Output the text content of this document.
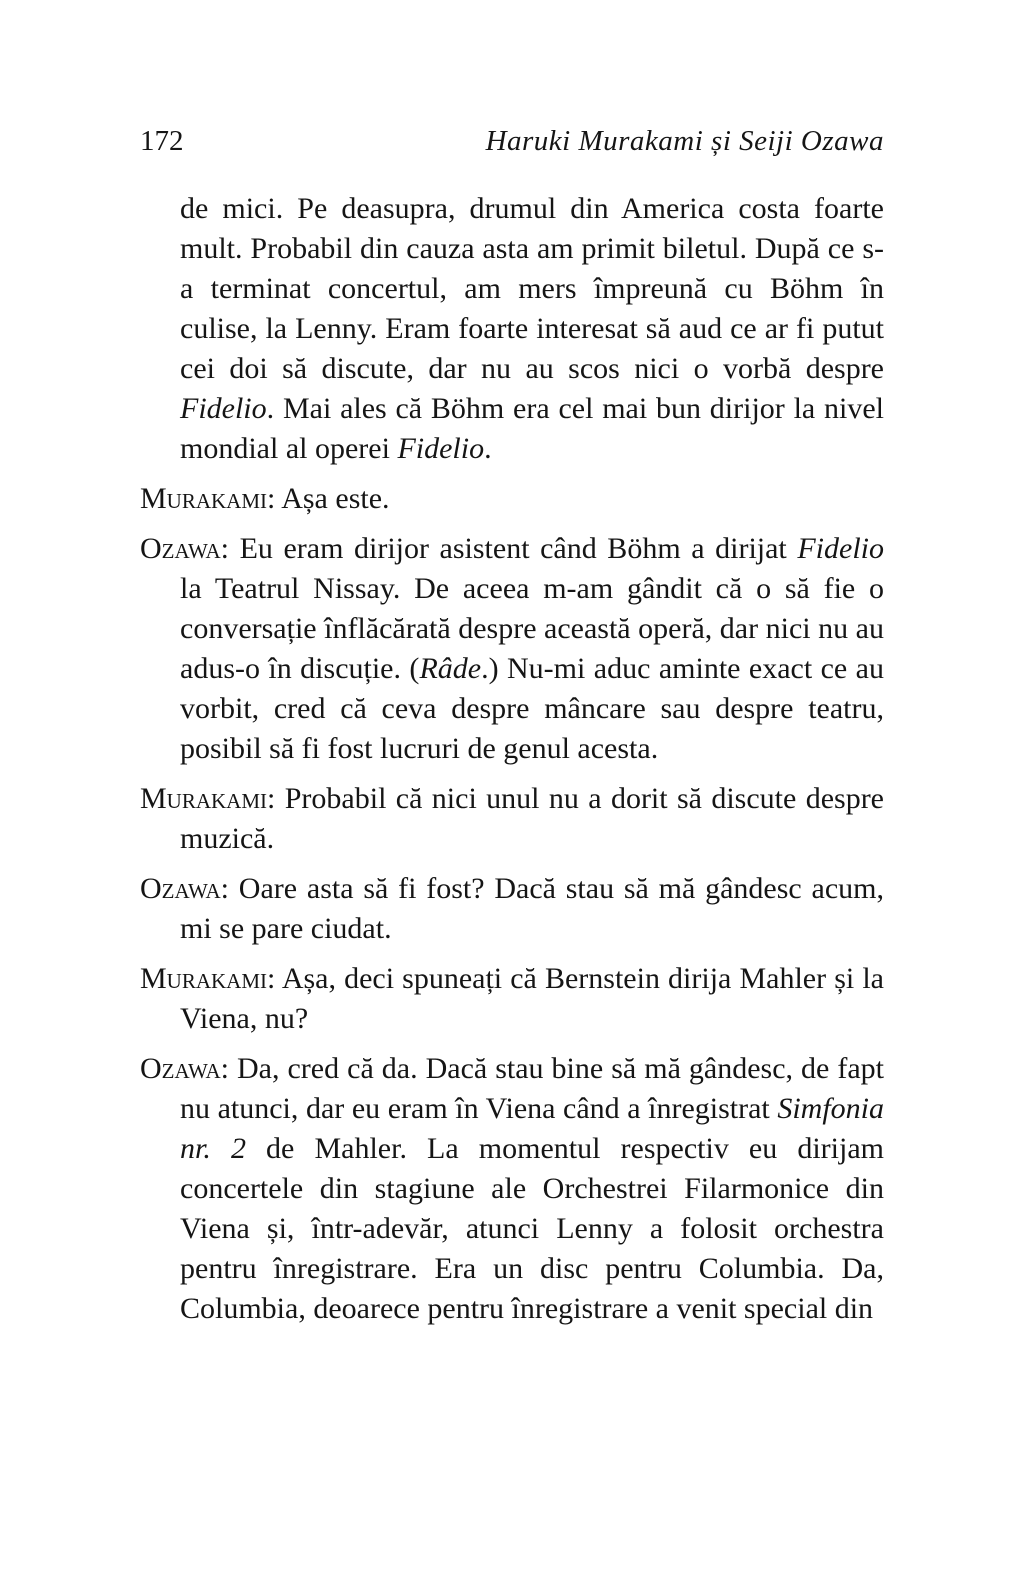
172	Haruki Murakami și Seiji Ozawa

de mici. Pe deasupra, drumul din America costa foarte mult. Probabil din cauza asta am primit biletul. După ce s-a terminat concertul, am mers împreună cu Böhm în culise, la Lenny. Eram foarte interesat să aud ce ar fi putut cei doi să discute, dar nu au scos nici o vorbă despre Fidelio. Mai ales că Böhm era cel mai bun dirijor la nivel mondial al operei Fidelio.

Murakami: Așa este.

Ozawa: Eu eram dirijor asistent când Böhm a dirijat Fidelio la Teatrul Nissay. De aceea m-am gândit că o să fie o conversație înflăcărată despre această operă, dar nici nu au adus-o în discuție. (Râde.) Nu-mi aduc aminte exact ce au vorbit, cred că ceva despre mâncare sau despre teatru, posibil să fi fost lucruri de genul acesta.

Murakami: Probabil că nici unul nu a dorit să discute despre muzică.

Ozawa: Oare asta să fi fost? Dacă stau să mă gândesc acum, mi se pare ciudat.

Murakami: Așa, deci spuneați că Bernstein dirija Mahler și la Viena, nu?

Ozawa: Da, cred că da. Dacă stau bine să mă gândesc, de fapt nu atunci, dar eu eram în Viena când a înregistrat Simfonia nr. 2 de Mahler. La momentul respectiv eu dirijam concertele din stagiune ale Orchestrei Filarmonice din Viena și, într-adevăr, atunci Lenny a folosit orchestra pentru înregistrare. Era un disc pentru Columbia. Da, Columbia, deoarece pentru înregistrare a venit special din
